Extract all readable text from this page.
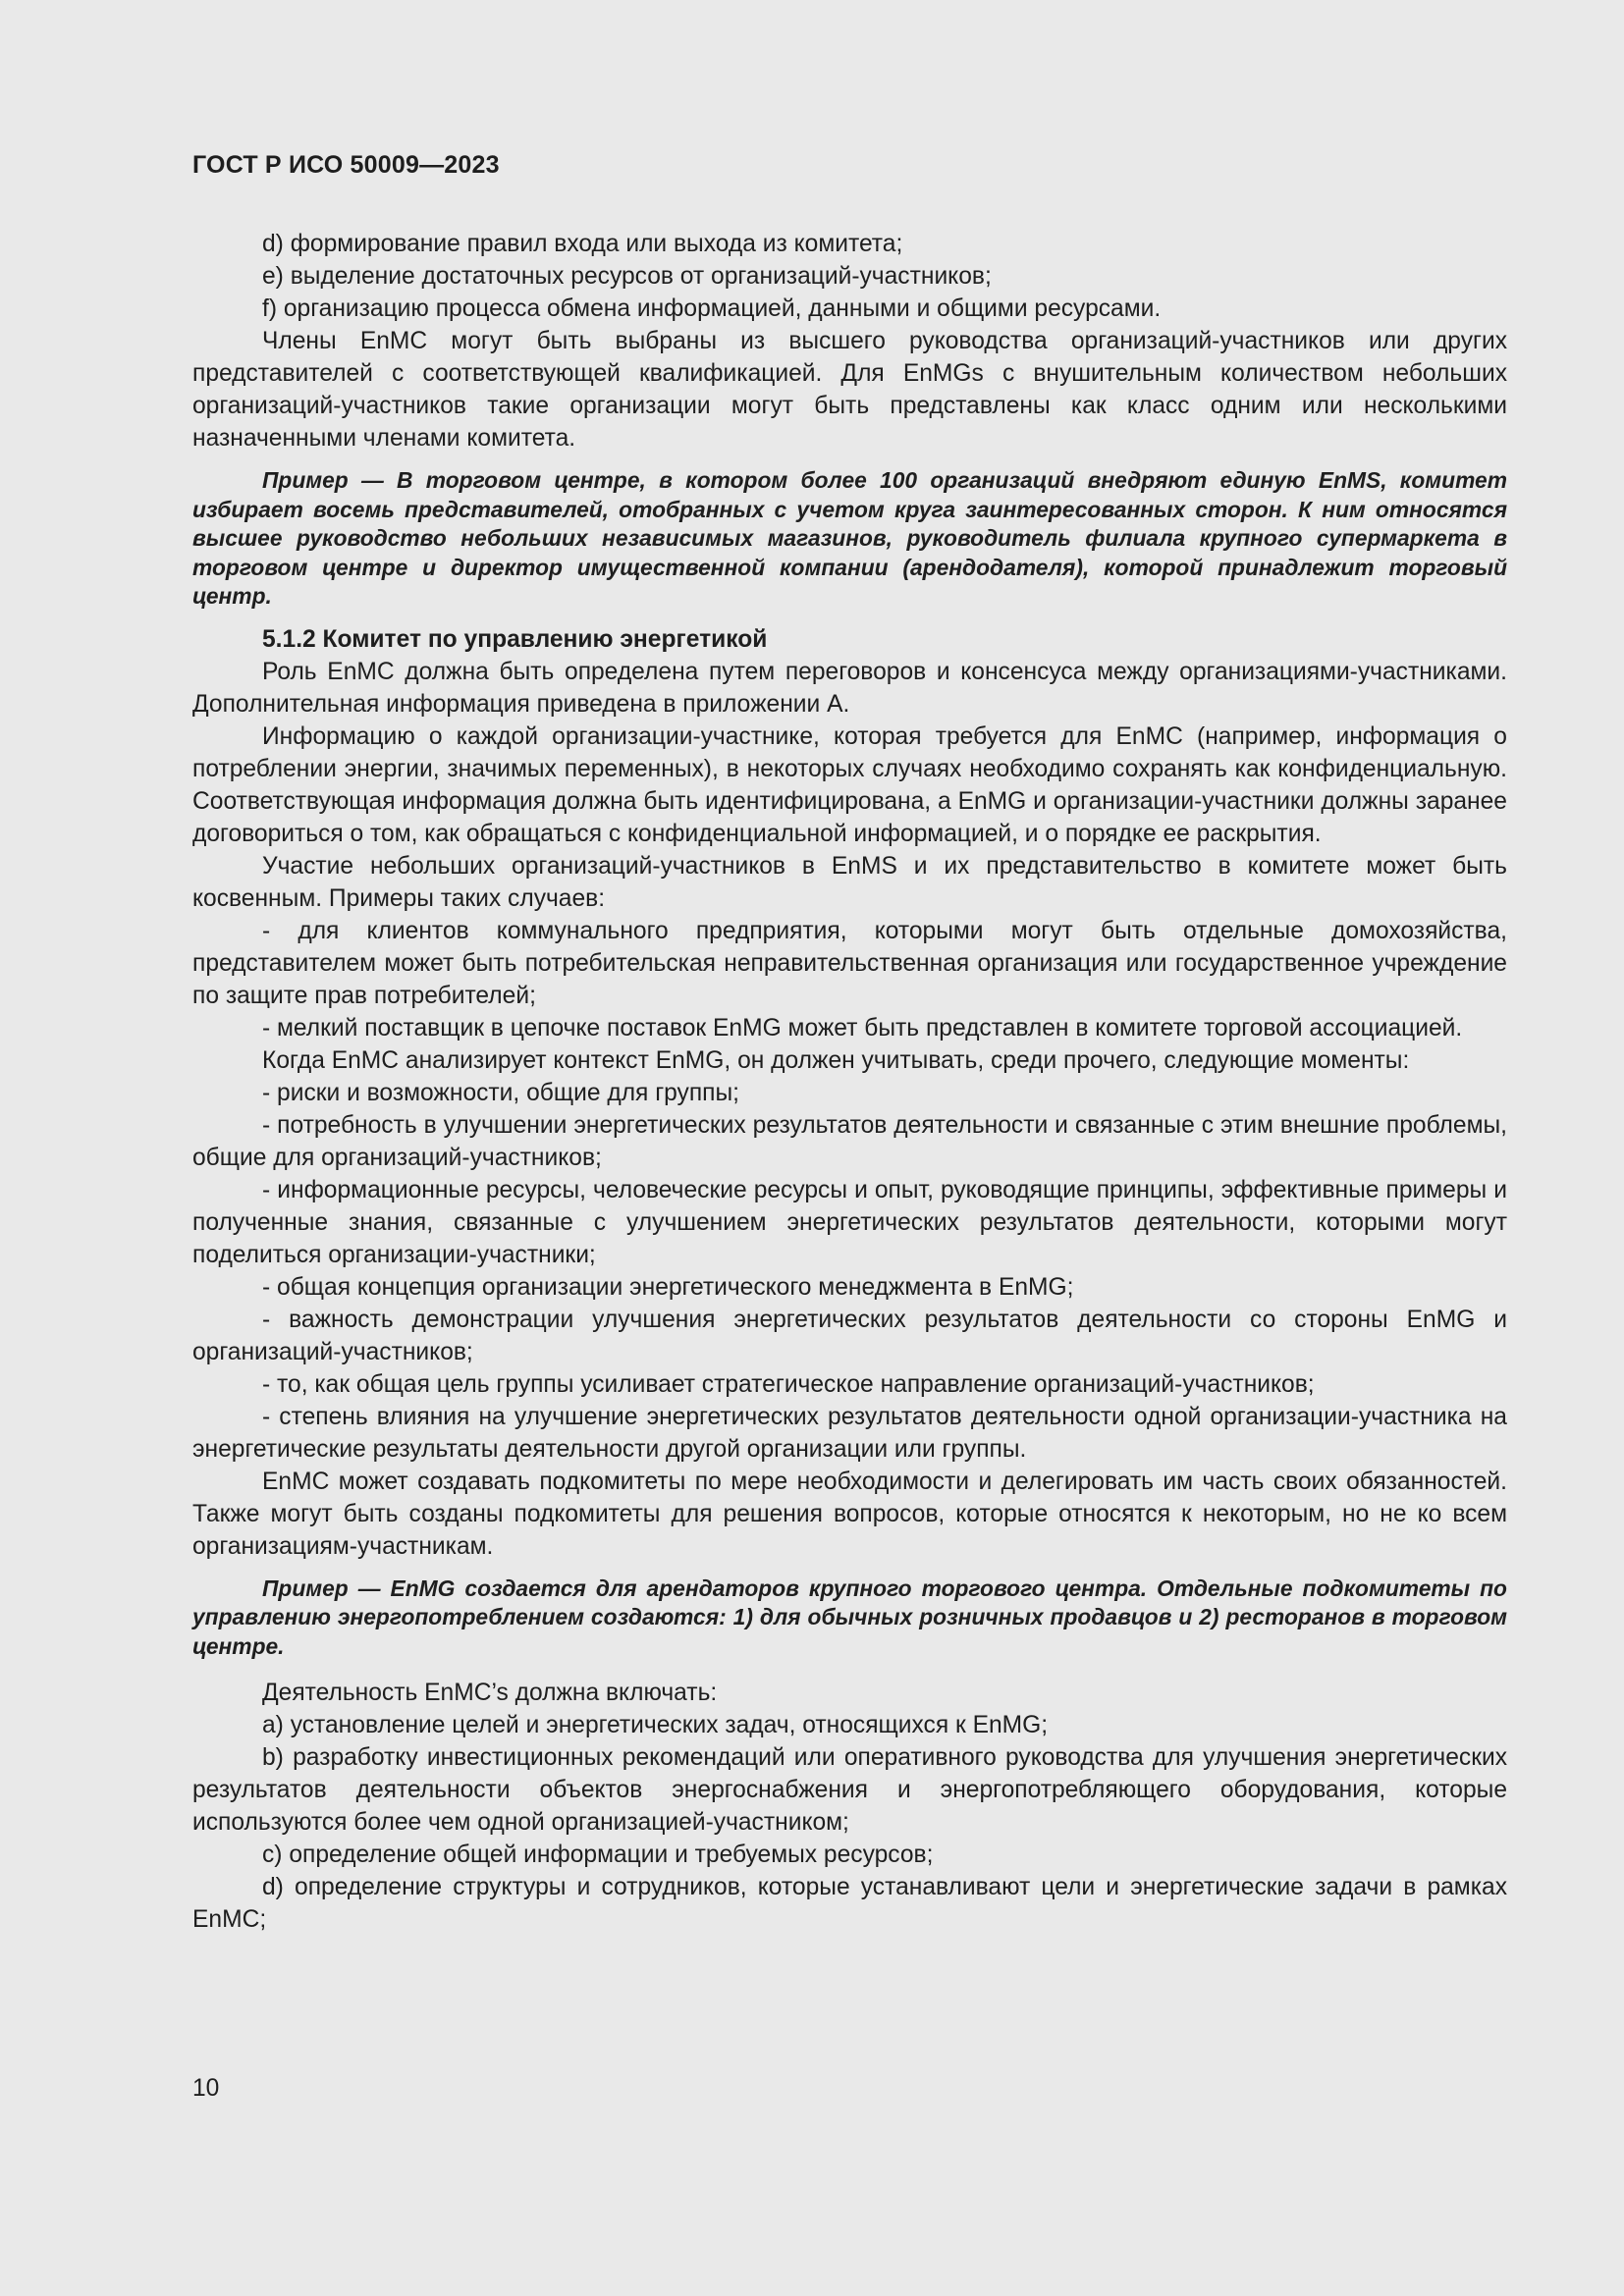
ГОСТ Р ИСО 50009—2023

d) формирование правил входа или выхода из комитета;

e) выделение достаточных ресурсов от организаций-участников;

f) организацию процесса обмена информацией, данными и общими ресурсами.

Члены EnMC могут быть выбраны из высшего руководства организаций-участников или других представителей с соответствующей квалификацией. Для EnMGs с внушительным количеством небольших организаций-участников такие организации могут быть представлены как класс одним или несколькими назначенными членами комитета.

Пример — В торговом центре, в котором более 100 организаций внедряют единую EnMS, комитет избирает восемь представителей, отобранных с учетом круга заинтересованных сторон. К ним относятся высшее руководство небольших независимых магазинов, руководитель филиала крупного супермаркета в торговом центре и директор имущественной компании (арендодателя), которой принадлежит торговый центр.

5.1.2 Комитет по управлению энергетикой

Роль EnMC должна быть определена путем переговоров и консенсуса между организациями-участниками. Дополнительная информация приведена в приложении А.

Информацию о каждой организации-участнике, которая требуется для EnMC (например, информация о потреблении энергии, значимых переменных), в некоторых случаях необходимо сохранять как конфиденциальную. Соответствующая информация должна быть идентифицирована, а EnMG и организации-участники должны заранее договориться о том, как обращаться с конфиденциальной информацией, и о порядке ее раскрытия.

Участие небольших организаций-участников в EnMS и их представительство в комитете может быть косвенным. Примеры таких случаев:

- для клиентов коммунального предприятия, которыми могут быть отдельные домохозяйства, представителем может быть потребительская неправительственная организация или государственное учреждение по защите прав потребителей;

- мелкий поставщик в цепочке поставок EnMG может быть представлен в комитете торговой ассоциацией.

Когда EnMC анализирует контекст EnMG, он должен учитывать, среди прочего, следующие моменты:

- риски и возможности, общие для группы;

- потребность в улучшении энергетических результатов деятельности и связанные с этим внешние проблемы, общие для организаций-участников;

- информационные ресурсы, человеческие ресурсы и опыт, руководящие принципы, эффективные примеры и полученные знания, связанные с улучшением энергетических результатов деятельности, которыми могут поделиться организации-участники;

- общая концепция организации энергетического менеджмента в EnMG;

- важность демонстрации улучшения энергетических результатов деятельности со стороны EnMG и организаций-участников;

- то, как общая цель группы усиливает стратегическое направление организаций-участников;

- степень влияния на улучшение энергетических результатов деятельности одной организации-участника на энергетические результаты деятельности другой организации или группы.

EnMC может создавать подкомитеты по мере необходимости и делегировать им часть своих обязанностей. Также могут быть созданы подкомитеты для решения вопросов, которые относятся к некоторым, но не ко всем организациям-участникам.

Пример — EnMG создается для арендаторов крупного торгового центра. Отдельные подкомитеты по управлению энергопотреблением создаются: 1) для обычных розничных продавцов и 2) ресторанов в торговом центре.

Деятельность EnMC’s должна включать:

a) установление целей и энергетических задач, относящихся к EnMG;

b) разработку инвестиционных рекомендаций или оперативного руководства для улучшения энергетических результатов деятельности объектов энергоснабжения и энергопотребляющего оборудования, которые используются более чем одной организацией-участником;

c) определение общей информации и требуемых ресурсов;

d) определение структуры и сотрудников, которые устанавливают цели и энергетические задачи в рамках EnMC;

10
